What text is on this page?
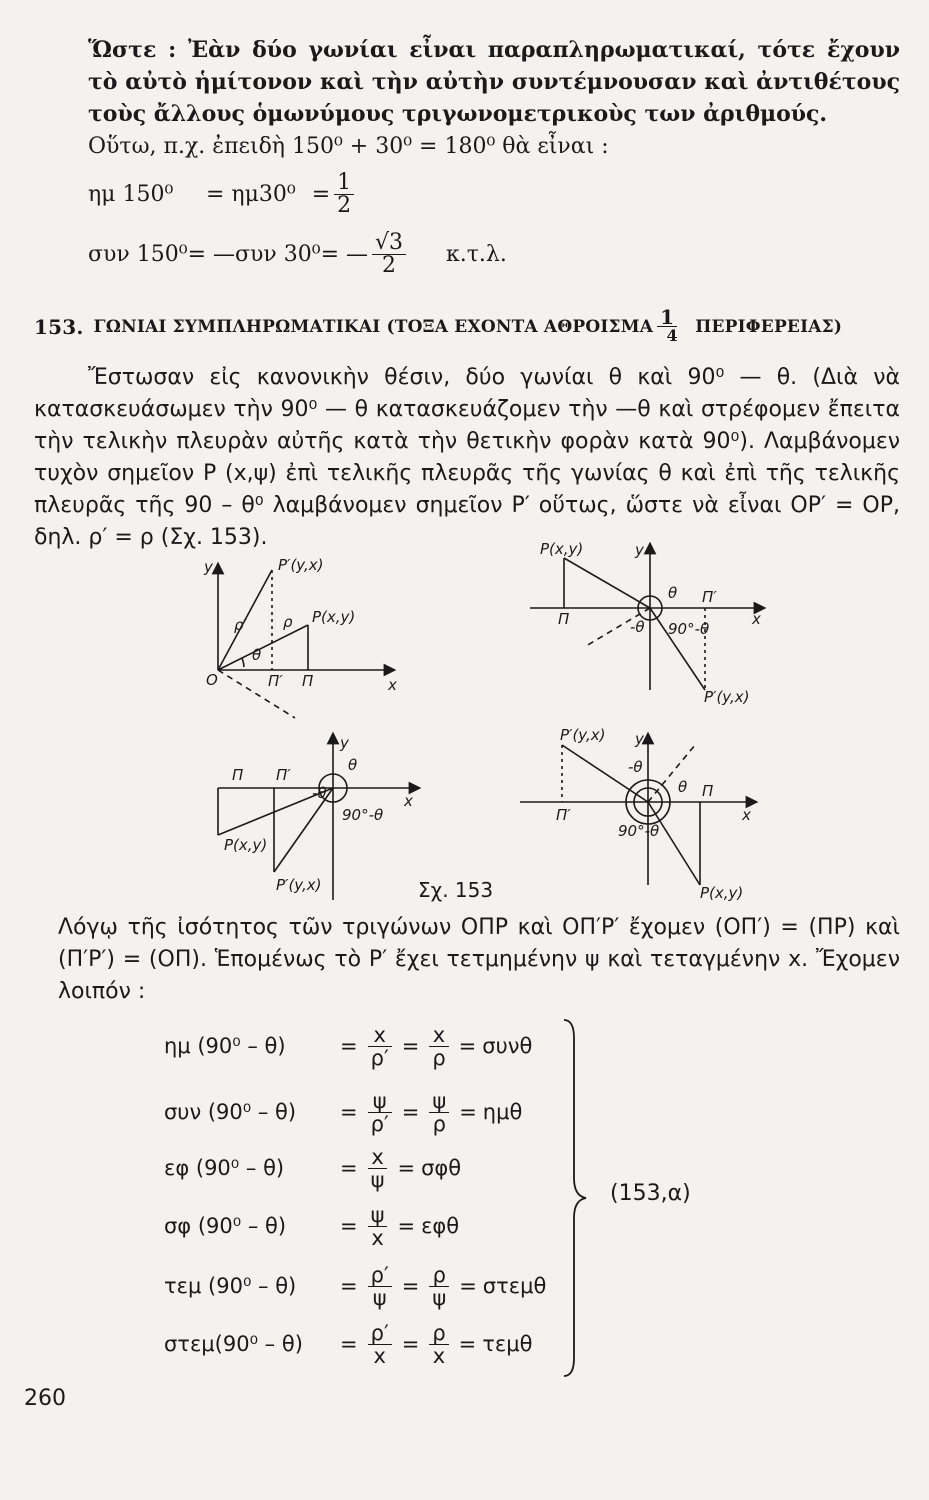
Ὥστε : Ἐὰν δύο γωνίαι εἶναι παραπληρωματικαί, τότε ἔχουν τὸ αὐτὸ ἡμίτονον καὶ τὴν αὐτὴν συντέμνουσαν καὶ ἀντιθέτους τοὺς ἄλλους ὁμωνύμους τριγωνομετρικοὺς των ἀριθμούς.
Οὕτω, π.χ. ἐπειδὴ 150⁰ + 30⁰ = 180⁰ θὰ εἶναι :
ημ 150⁰	= $\eta\mu 30^0 = \frac{1}{2}$
συν 150⁰= —συν 30⁰= — $\frac{√3}{2} \kappa.\tau.\lambda$.
153. ΓΩΝΙΑΙ ΣΥΜΠΛΗΡΩΜΑΤΙΚΑΙ (ΤΟΞΑ ΕΧΟΝΤΑ ΑΘΡΟΙΣΜΑ $\frac{1}{4} \Pi EPI\Phi EPEIA\Sigma$)
Ἔστωσαν εἰς κανονικὴν θέσιν, δύο γωνίαι θ καὶ 90⁰ — θ. (Διὰ νὰ κατασκευάσωμεν τὴν 90⁰ — θ κατασκευάζομεν τὴν —θ καὶ στρέφομεν ἔπειτα τὴν τελικὴν πλευρὰν αὐτῆς κατὰ τὴν θετικὴν φορὰν κατὰ 90⁰). Λαμβάνομεν τυχὸν σημεῖον Ρ (x,ψ) ἐπὶ τελικῆς πλευρᾶς τῆς γωνίας θ καὶ ἐπὶ τῆς τελικῆς πλευρᾶς τῆς 90 – θ⁰ λαμβάνομεν σημεῖον Ρ′ οὕτως, ὥστε νὰ εἶναι ΟΡ′ = ΟΡ, δηλ. ρ′ = ρ (Σχ. 153).
y
x
O
P′(y,x)
P(x,y)
Π
Π′
θ
ρ
ρ′
y
x
P(x,y)
P′(y,x)
Π
Π′
θ
-θ 90°-θ
y
x
Π Π′
P(x,y)
P′(y,x)
θ
-θ
90°-θ
y
x
P′(y,x)
P(x,y)
Π′
Π
θ
-θ
90°-θ
Σχ. 153
Λόγῳ τῆς ἰσότητος τῶν τριγώνων ΟΠΡ καὶ ΟΠ′Ρ′ ἔχομεν (ΟΠ′) = (ΠΡ) καὶ (Π′Ρ′) = (ΟΠ). Ἑπομένως τὸ Ρ′ ἔχει τετμημένην ψ καὶ τεταγμένην x. Ἔχομεν λοιπόν :
ημ (90⁰ – θ)	= $\frac{x}{\rho'} = \frac{x}{\rho} = \sigma\upsilon\nu\theta$
συν (90⁰ – θ)	= $\frac{\psi}{\rho'} = \frac{\psi}{\rho} = \eta\mu\theta$
εφ (90⁰ – θ)	= $\frac{x}{\psi} = \sigma\varphi\theta$
σφ (90⁰ – θ)	= $\frac{\psi}{x} = \varepsilon\varphi\theta$
τεμ (90⁰ – θ)	= $\frac{\rho'}{\psi} = \frac{\rho}{\psi} = \sigma\tau\varepsilon\mu\theta$
στεμ(90⁰ – θ)	= $\frac{\rho'}{x} = \frac{\rho}{x} = \tau\varepsilon\mu\theta$
(153,α)
260
